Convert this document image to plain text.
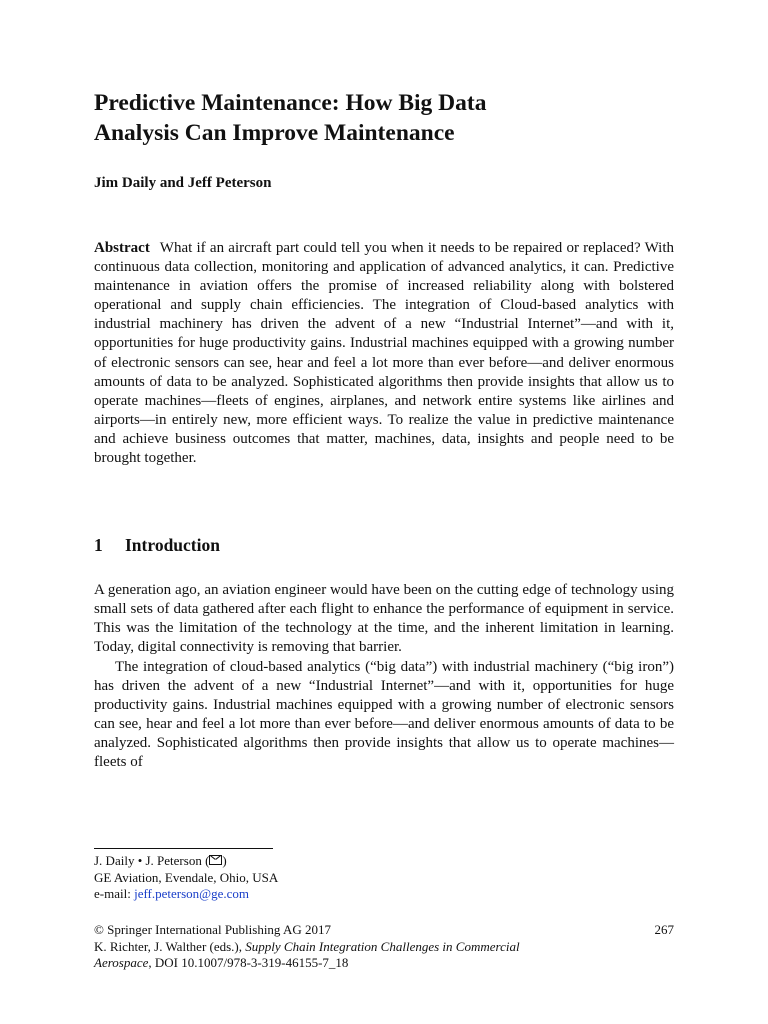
Predictive Maintenance: How Big Data
Analysis Can Improve Maintenance
Jim Daily and Jeff Peterson
Abstract What if an aircraft part could tell you when it needs to be repaired or replaced? With continuous data collection, monitoring and application of advanced analytics, it can. Predictive maintenance in aviation offers the promise of increased reliability along with bolstered operational and supply chain efficiencies. The integration of Cloud-based analytics with industrial machinery has driven the advent of a new “Industrial Internet”—and with it, opportunities for huge productivity gains. Industrial machines equipped with a growing number of electronic sensors can see, hear and feel a lot more than ever before—and deliver enormous amounts of data to be analyzed. Sophisticated algorithms then provide insights that allow us to operate machines—fleets of engines, airplanes, and network entire systems like airlines and airports—in entirely new, more efficient ways. To realize the value in predictive maintenance and achieve business outcomes that matter, machines, data, insights and people need to be brought together.
1 Introduction

A generation ago, an aviation engineer would have been on the cutting edge of technology using small sets of data gathered after each flight to enhance the performance of equipment in service. This was the limitation of the technology at the time, and the inherent limitation in learning. Today, digital connectivity is removing that barrier.

The integration of cloud-based analytics (“big data”) with industrial machinery (“big iron”) has driven the advent of a new “Industrial Internet”—and with it, opportunities for huge productivity gains. Industrial machines equipped with a growing number of electronic sensors can see, hear and feel a lot more than ever before—and deliver enormous amounts of data to be analyzed. Sophisticated algorithms then provide insights that allow us to operate machines—fleets of

J. Daily • J. Peterson ( )
GE Aviation, Evendale, Ohio, USA
e-mail: jeff.peterson@ge.com
© Springer International Publishing AG 2017	267
K. Richter, J. Walther (eds.), Supply Chain Integration Challenges in Commercial
Aerospace, DOI 10.1007/978-3-319-46155-7_18
